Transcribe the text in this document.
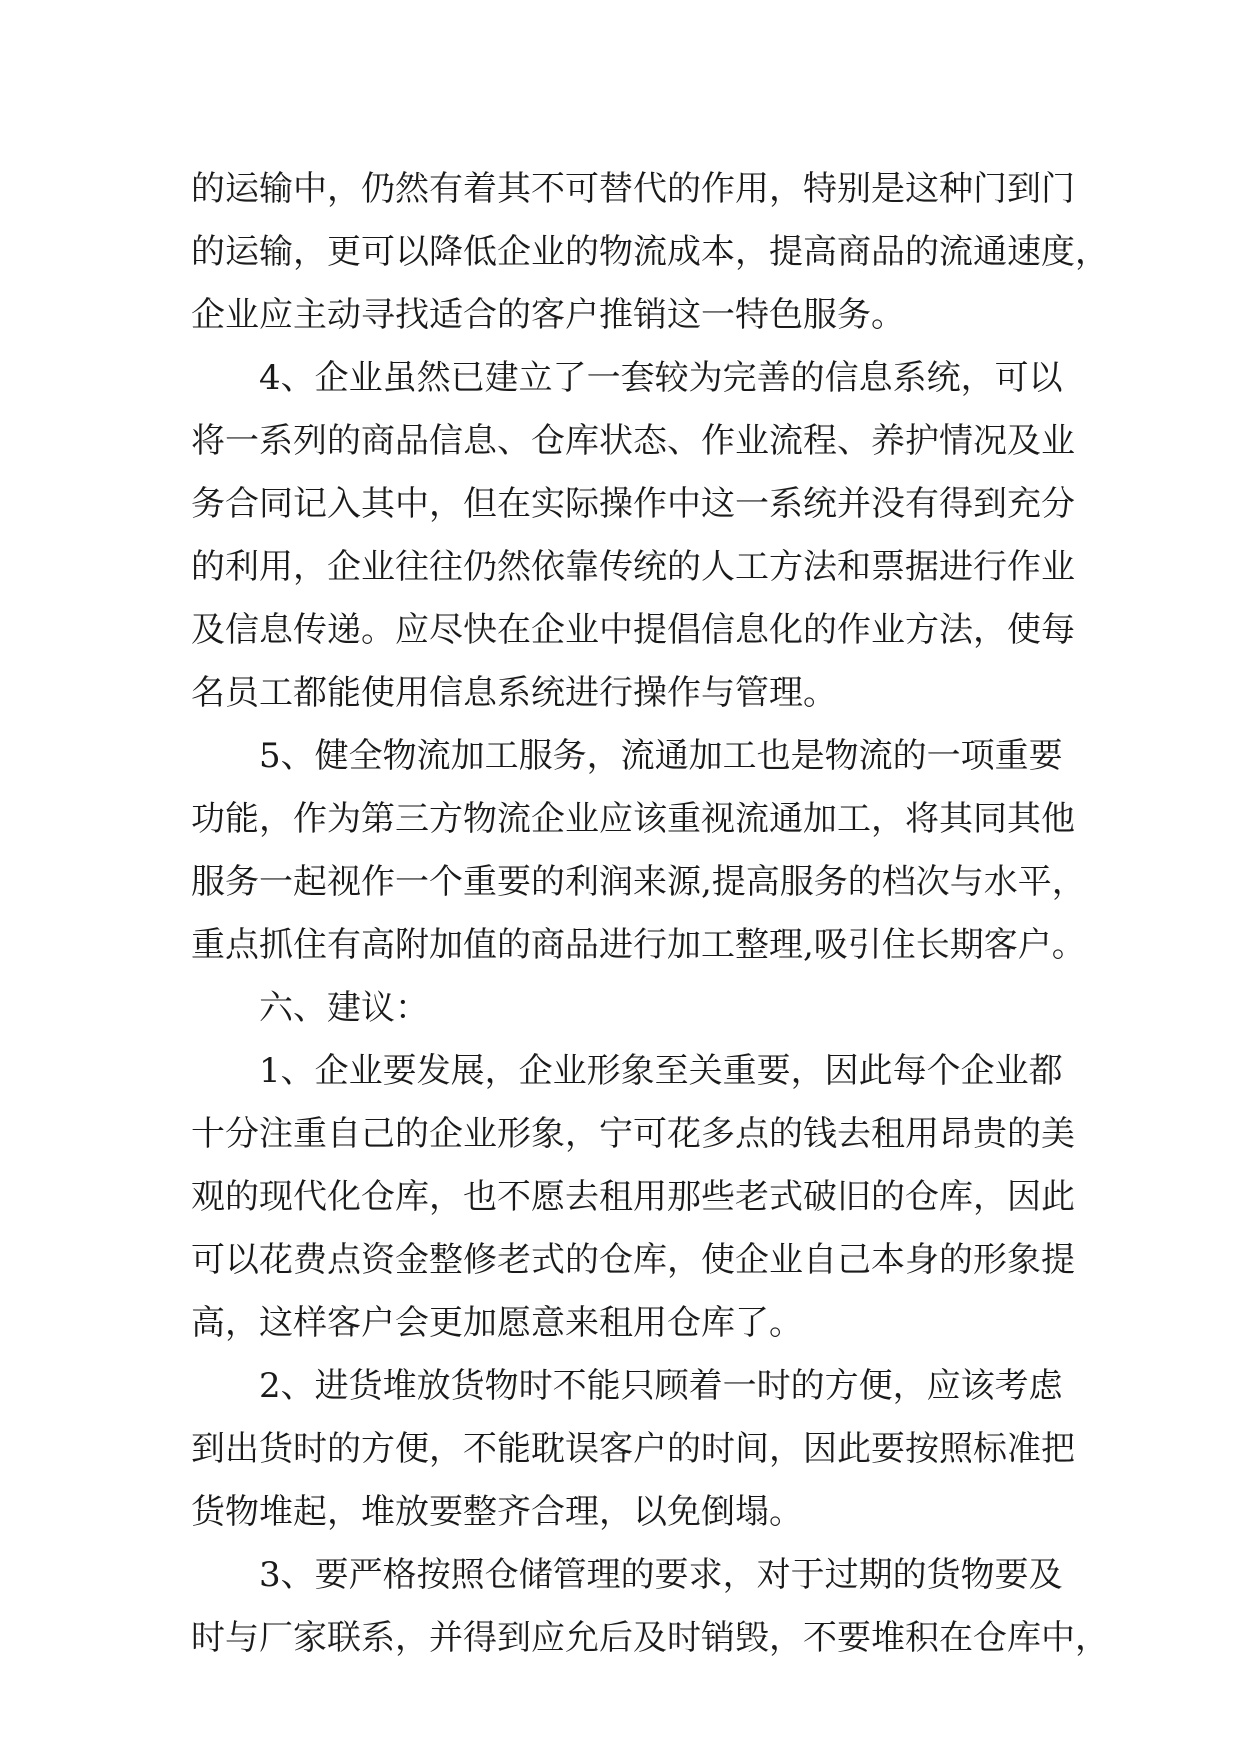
的运输中，仍然有着其不可替代的作用，特别是这种门到门
的运输，更可以降低企业的物流成本，提高商品的流通速度，
企业应主动寻找适合的客户推销这一特色服务。
4、企业虽然已建立了一套较为完善的信息系统，可以
将一系列的商品信息、仓库状态、作业流程、养护情况及业
务合同记入其中，但在实际操作中这一系统并没有得到充分
的利用，企业往往仍然依靠传统的人工方法和票据进行作业
及信息传递。应尽快在企业中提倡信息化的作业方法，使每
名员工都能使用信息系统进行操作与管理。
5、健全物流加工服务，流通加工也是物流的一项重要
功能，作为第三方物流企业应该重视流通加工，将其同其他
服务一起视作一个重要的利润来源,提高服务的档次与水平，
重点抓住有高附加值的商品进行加工整理,吸引住长期客户。
六、建议：
1、企业要发展，企业形象至关重要，因此每个企业都
十分注重自己的企业形象，宁可花多点的钱去租用昂贵的美
观的现代化仓库，也不愿去租用那些老式破旧的仓库，因此
可以花费点资金整修老式的仓库，使企业自己本身的形象提
高，这样客户会更加愿意来租用仓库了。
2、进货堆放货物时不能只顾着一时的方便，应该考虑
到出货时的方便，不能耽误客户的时间，因此要按照标准把
货物堆起，堆放要整齐合理，以免倒塌。
3、要严格按照仓储管理的要求，对于过期的货物要及
时与厂家联系，并得到应允后及时销毁，不要堆积在仓库中，
